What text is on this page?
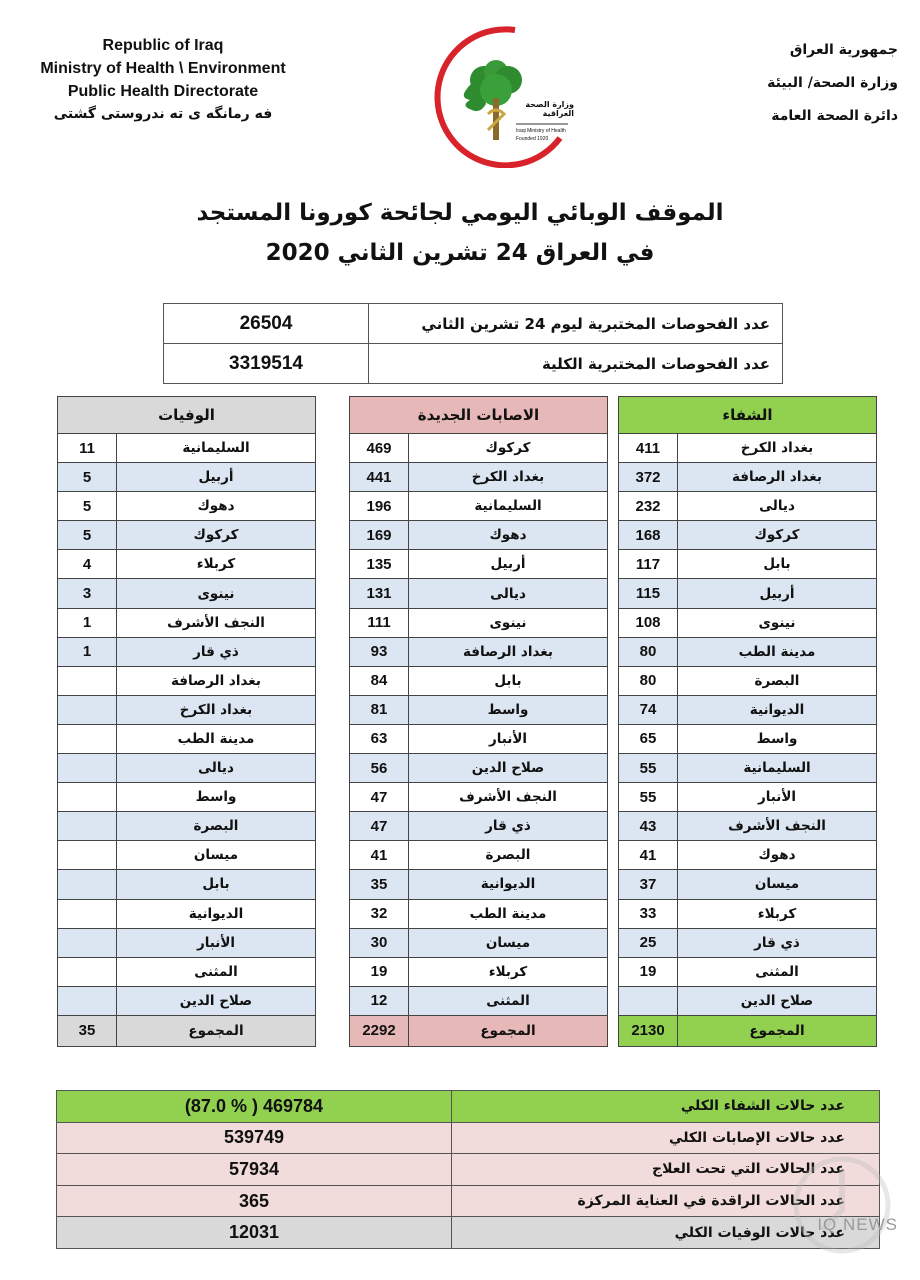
Republic of Iraq
Ministry of Health \ Environment
Public Health Directorate
فه رمانگه ى ته ندروستى گشتى
جمهورية العراق
وزارة الصحة/ البيئة
دائرة الصحة العامة
وزارة الصحة العراقية
Iraqi Ministry of Health
Founded 1920
الموقف الوبائي اليومي لجائحة كورونا المستجد
في العراق 24 تشرين الثاني 2020
عدد الفحوصات المختبرية ليوم 24 تشرين الثاني	26504
عدد الفحوصات المختبرية الكلية	3319514
الشفاء	
بغداد الكرخ	411
بغداد الرصافة	372
ديالى	232
كركوك	168
بابل	117
أربيل	115
نينوى	108
مدينة الطب	80
البصرة	80
الديوانية	74
واسط	65
السليمانية	55
الأنبار	55
النجف الأشرف	43
دهوك	41
ميسان	37
كربلاء	33
ذي قار	25
المثنى	19
صلاح الدين	
المجموع	2130
الاصابات الجديدة	
كركوك	469
بغداد الكرخ	441
السليمانية	196
دهوك	169
أربيل	135
ديالى	131
نينوى	111
بغداد الرصافة	93
بابل	84
واسط	81
الأنبار	63
صلاح الدين	56
النجف الأشرف	47
ذي قار	47
البصرة	41
الديوانية	35
مدينة الطب	32
ميسان	30
كربلاء	19
المثنى	12
المجموع	2292
الوفيات	
السليمانية	11
أربيل	5
دهوك	5
كركوك	5
كربلاء	4
نينوى	3
النجف الأشرف	1
ذي قار	1
بغداد الرصافة	
بغداد الكرخ	
مدينة الطب	
ديالى	
واسط	
البصرة	
ميسان	
بابل	
الديوانية	
الأنبار	
المثنى	
صلاح الدين	
المجموع	35
عدد حالات الشفاء الكلي	469784 ( % 87.0)
عدد حالات الإصابات الكلي	539749
عدد الحالات التي تحت العلاج	57934
عدد الحالات الراقدة في العناية المركزة	365
عدد حالات الوفيات الكلي	12031	IQ NEWS
